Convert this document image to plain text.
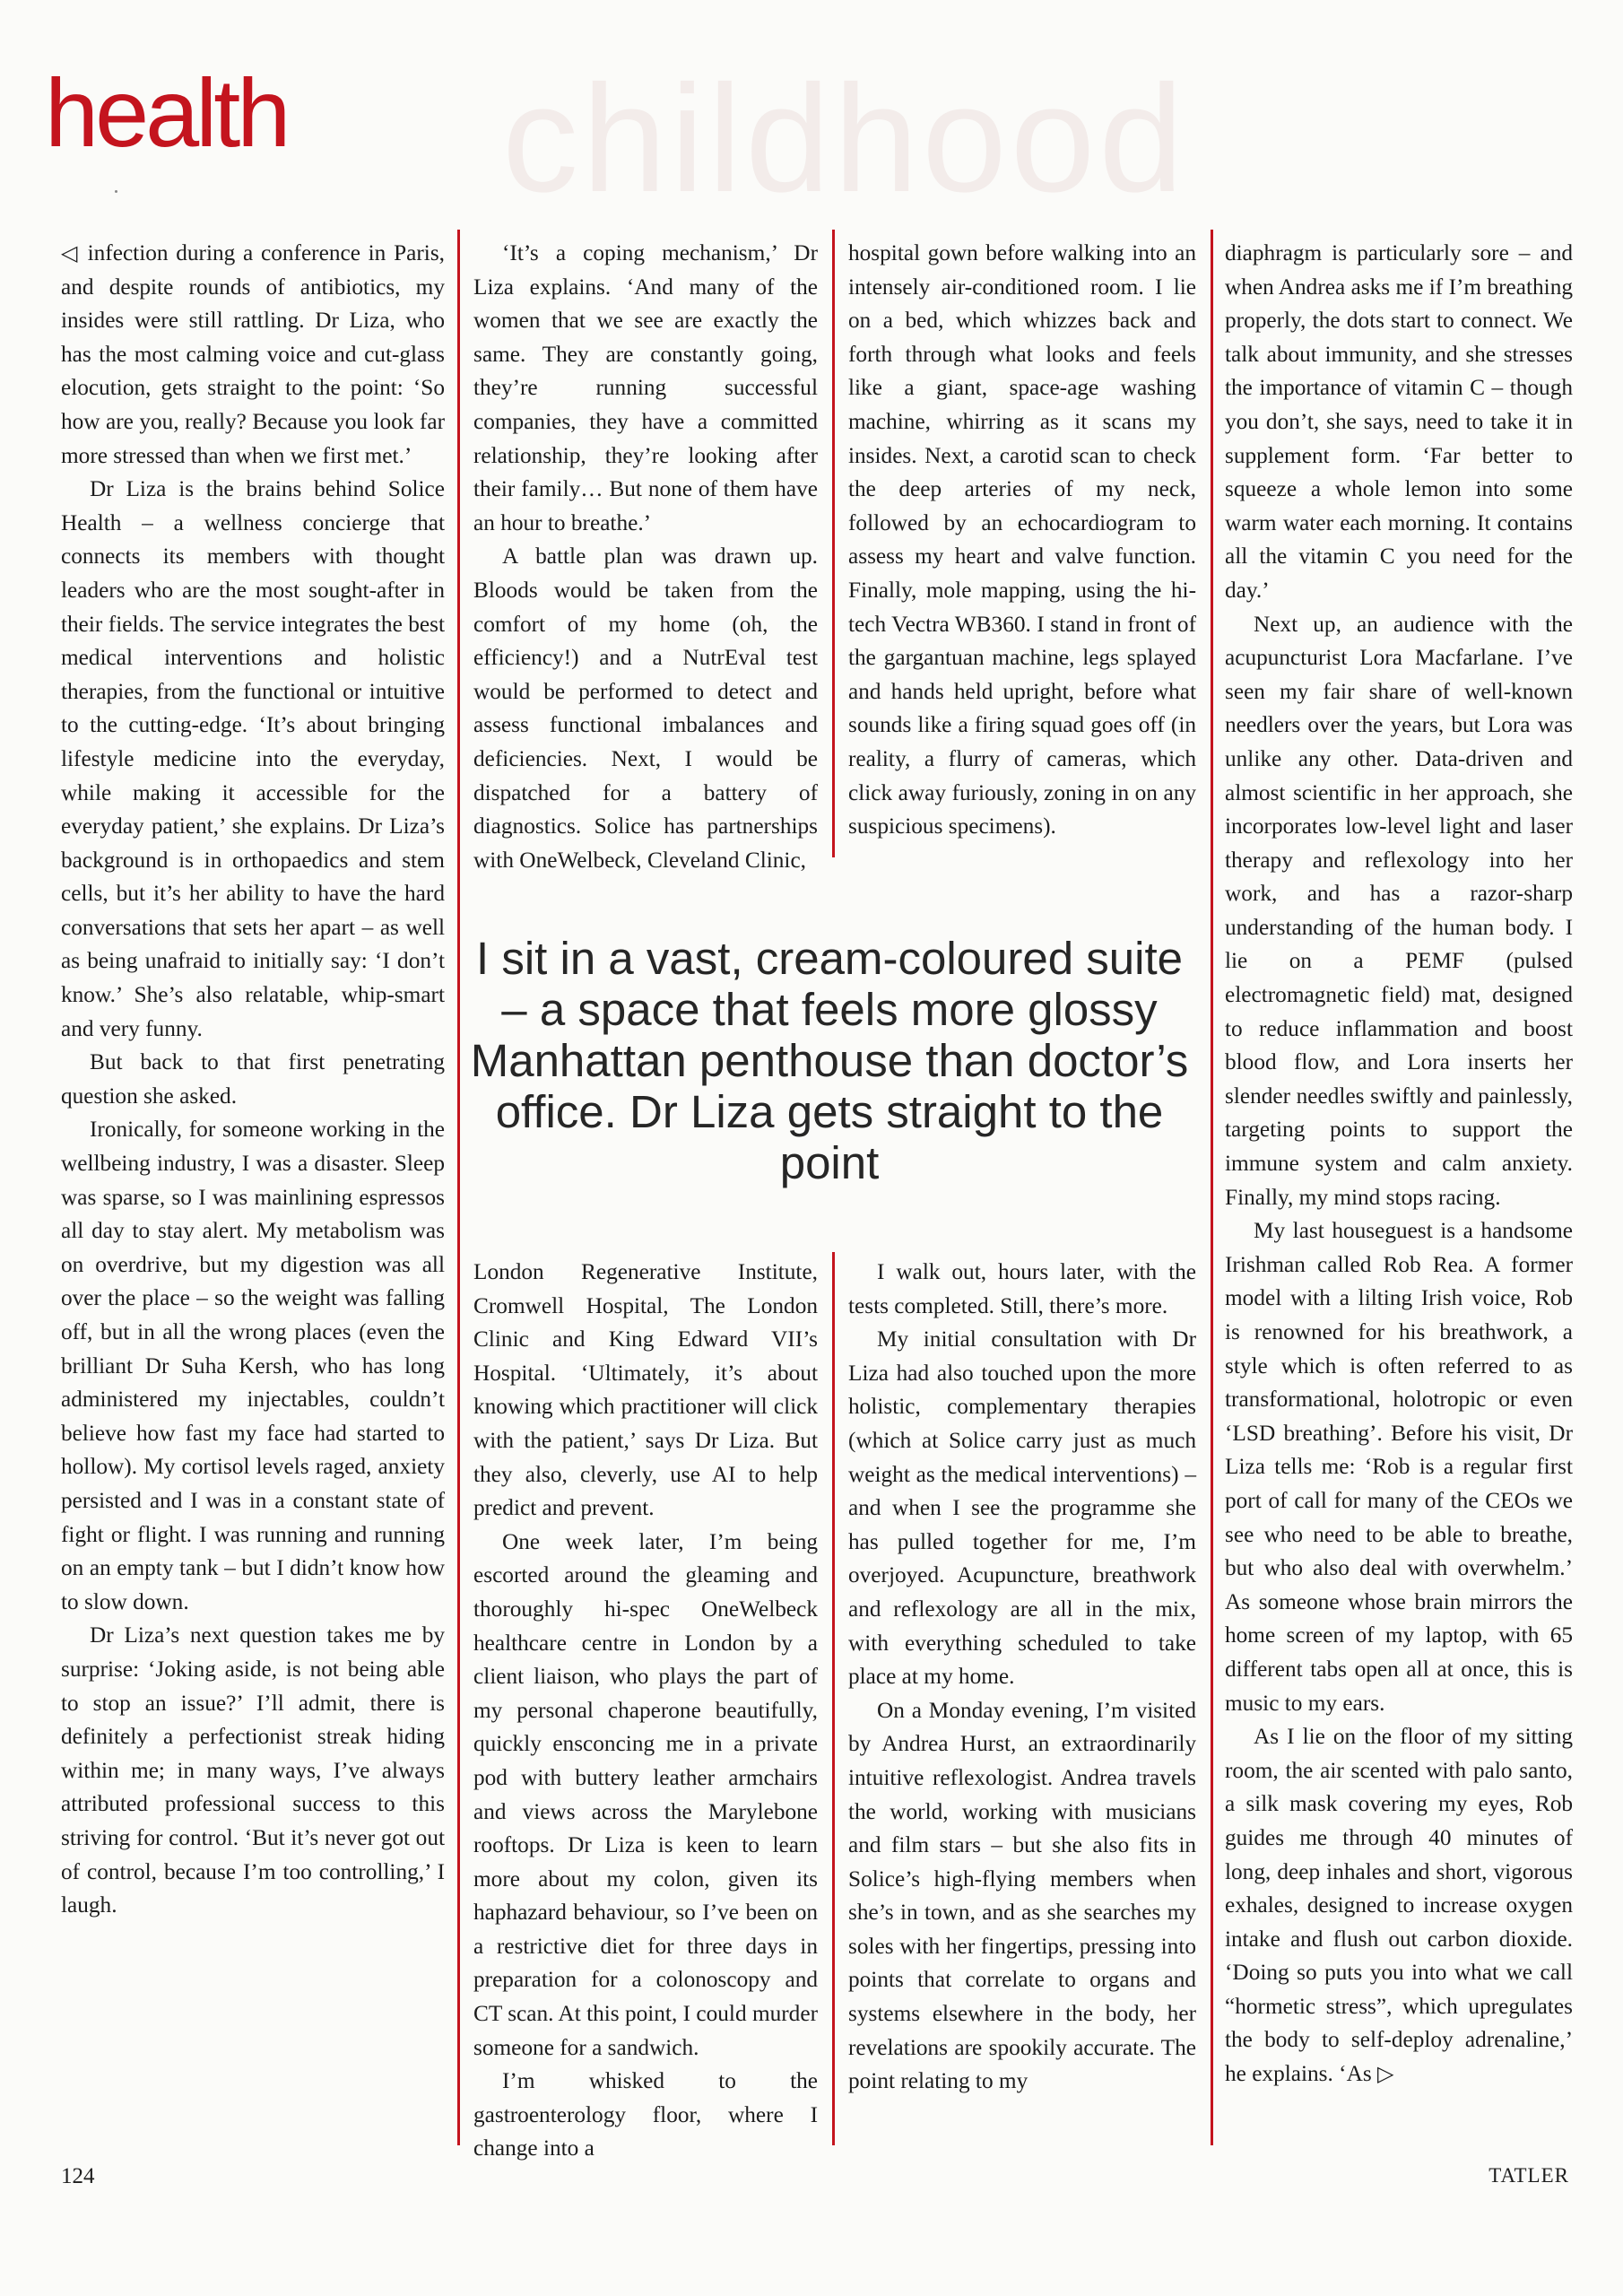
childhood
health

◁ infection during a conference in Paris, and despite rounds of antibiotics, my insides were still rattling. Dr Liza, who has the most calming voice and cut-glass elocution, gets straight to the point: ‘So how are you, really? Because you look far more stressed than when we first met.’

Dr Liza is the brains behind Solice Health – a wellness concierge that connects its members with thought leaders who are the most sought-after in their fields. The service integrates the best medical interventions and holistic therapies, from the functional or intuitive to the cutting-edge. ‘It’s about bringing lifestyle medicine into the everyday, while making it accessible for the everyday patient,’ she explains. Dr Liza’s background is in orthopaedics and stem cells, but it’s her ability to have the hard conversations that sets her apart – as well as being unafraid to initially say: ‘I don’t know.’ She’s also relatable, whip-smart and very funny.

But back to that first penetrating question she asked.

Ironically, for someone working in the wellbeing industry, I was a disaster. Sleep was sparse, so I was mainlining espressos all day to stay alert. My metabolism was on overdrive, but my digestion was all over the place – so the weight was falling off, but in all the wrong places (even the brilliant Dr Suha Kersh, who has long administered my injectables, couldn’t believe how fast my face had started to hollow). My cortisol levels raged, anxiety persisted and I was in a constant state of fight or flight. I was running and running on an empty tank – but I didn’t know how to slow down.

Dr Liza’s next question takes me by surprise: ‘Joking aside, is not being able to stop an issue?’ I’ll admit, there is definitely a perfectionist streak hiding within me; in many ways, I’ve always attributed professional success to this striving for control. ‘But it’s never got out of control, because I’m too controlling,’ I laugh.

‘It’s a coping mechanism,’ Dr Liza explains. ‘And many of the women that we see are exactly the same. They are constantly going, they’re running successful companies, they have a committed relationship, they’re looking after their family… But none of them have an hour to breathe.’

A battle plan was drawn up. Bloods would be taken from the comfort of my home (oh, the efficiency!) and a NutrEval test would be performed to detect and assess functional imbalances and deficiencies. Next, I would be dispatched for a battery of diagnostics. Solice has partnerships with OneWelbeck, Cleveland Clinic,

hospital gown before walking into an intensely air-conditioned room. I lie on a bed, which whizzes back and forth through what looks and feels like a giant, space-age washing machine, whirring as it scans my insides. Next, a carotid scan to check the deep arteries of my neck, followed by an echocardiogram to assess my heart and valve function. Finally, mole mapping, using the hi-tech Vectra WB360. I stand in front of the gargantuan machine, legs splayed and hands held upright, before what sounds like a firing squad goes off (in reality, a flurry of cameras, which click away furiously, zoning in on any suspicious specimens).

I sit in a vast, cream-coloured suite – a space that feels more glossy Manhattan penthouse than doctor’s office. Dr Liza gets straight to the point

London Regenerative Institute, Cromwell Hospital, The London Clinic and King Edward VII’s Hospital. ‘Ultimately, it’s about knowing which practitioner will click with the patient,’ says Dr Liza. But they also, cleverly, use AI to help predict and prevent.

One week later, I’m being escorted around the gleaming and thoroughly hi-spec OneWelbeck healthcare centre in London by a client liaison, who plays the part of my personal chaperone beautifully, quickly ensconcing me in a private pod with buttery leather armchairs and views across the Marylebone rooftops. Dr Liza is keen to learn more about my colon, given its haphazard behaviour, so I’ve been on a restrictive diet for three days in preparation for a colonoscopy and CT scan. At this point, I could murder someone for a sandwich.

I’m whisked to the gastroenterology floor, where I change into a

I walk out, hours later, with the tests completed. Still, there’s more.

My initial consultation with Dr Liza had also touched upon the more holistic, complementary therapies (which at Solice carry just as much weight as the medical interventions) – and when I see the programme she has pulled together for me, I’m overjoyed. Acupuncture, breathwork and reflexology are all in the mix, with everything scheduled to take place at my home.

On a Monday evening, I’m visited by Andrea Hurst, an extraordinarily intuitive reflexologist. Andrea travels the world, working with musicians and film stars – but she also fits in Solice’s high-flying members when she’s in town, and as she searches my soles with her fingertips, pressing into points that correlate to organs and systems elsewhere in the body, her revelations are spookily accurate. The point relating to my

diaphragm is particularly sore – and when Andrea asks me if I’m breathing properly, the dots start to connect. We talk about immunity, and she stresses the importance of vitamin C – though you don’t, she says, need to take it in supplement form. ‘Far better to squeeze a whole lemon into some warm water each morning. It contains all the vitamin C you need for the day.’

Next up, an audience with the acupuncturist Lora Macfarlane. I’ve seen my fair share of well-known needlers over the years, but Lora was unlike any other. Data-driven and almost scientific in her approach, she incorporates low-level light and laser therapy and reflexology into her work, and has a razor-sharp understanding of the human body. I lie on a PEMF (pulsed electromagnetic field) mat, designed to reduce inflammation and boost blood flow, and Lora inserts her slender needles swiftly and painlessly, targeting points to support the immune system and calm anxiety. Finally, my mind stops racing.

My last houseguest is a handsome Irishman called Rob Rea. A former model with a lilting Irish voice, Rob is renowned for his breathwork, a style which is often referred to as transformational, holotropic or even ‘LSD breathing’. Before his visit, Dr Liza tells me: ‘Rob is a regular first port of call for many of the CEOs we see who need to be able to breathe, but who also deal with overwhelm.’ As someone whose brain mirrors the home screen of my laptop, with 65 different tabs open all at once, this is music to my ears.

As I lie on the floor of my sitting room, the air scented with palo santo, a silk mask covering my eyes, Rob guides me through 40 minutes of long, deep inhales and short, vigorous exhales, designed to increase oxygen intake and flush out carbon dioxide. ‘Doing so puts you into what we call “hormetic stress”, which upregulates the body to self-deploy adrenaline,’ he explains. ‘As ▷

124	TATLER
